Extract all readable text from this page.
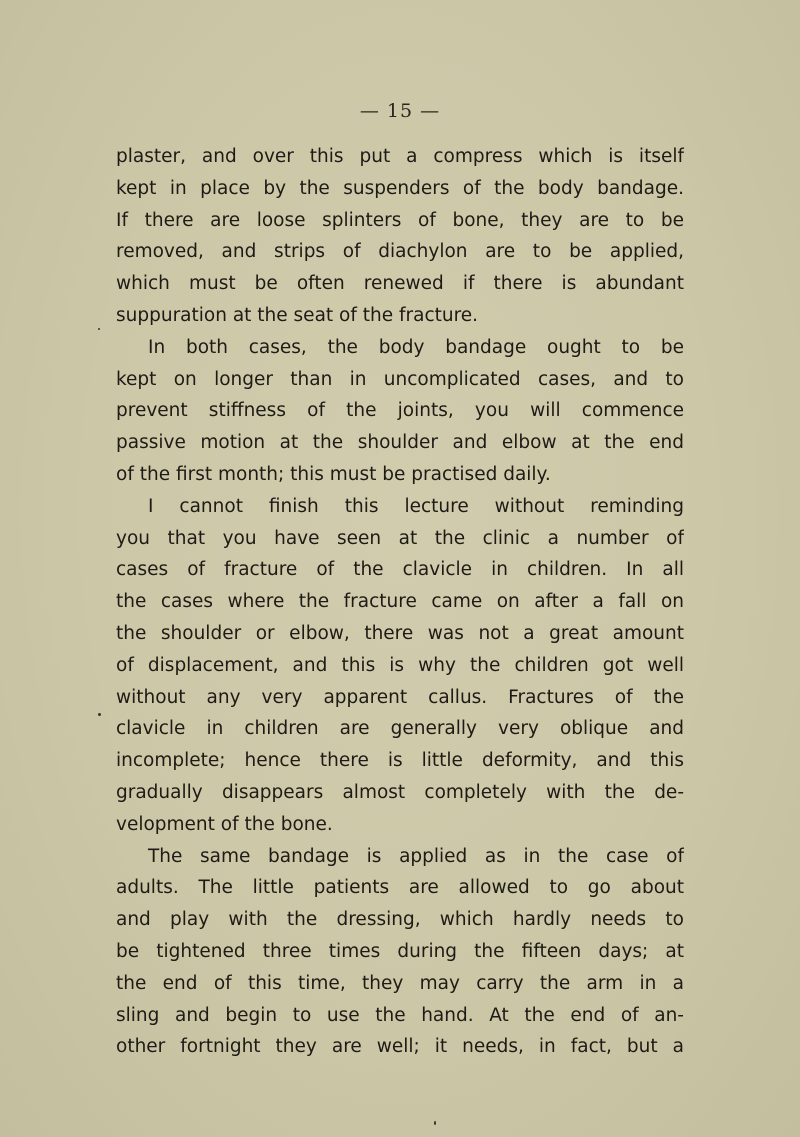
— 15 —
plaster, and over this put a compress which is itself
kept in place by the suspenders of the body bandage.
If there are loose splinters of bone, they are to be
removed, and strips of diachylon are to be applied,
which must be often renewed if there is abundant
suppuration at the seat of the fracture.
In both cases, the body bandage ought to be
kept on longer than in uncomplicated cases, and to
prevent stiffness of the joints, you will commence
passive motion at the shoulder and elbow at the end
of the first month; this must be practised daily.
I cannot finish this lecture without reminding
you that you have seen at the clinic a number of
cases of fracture of the clavicle in children. In all
the cases where the fracture came on after a fall on
the shoulder or elbow, there was not a great amount
of displacement, and this is why the children got well
without any very apparent callus. Fractures of the
clavicle in children are generally very oblique and
incomplete; hence there is little deformity, and this
gradually disappears almost completely with the de-
velopment of the bone.
The same bandage is applied as in the case of
adults. The little patients are allowed to go about
and play with the dressing, which hardly needs to
be tightened three times during the fifteen days; at
the end of this time, they may carry the arm in a
sling and begin to use the hand. At the end of an-
other fortnight they are well; it needs, in fact, but a
